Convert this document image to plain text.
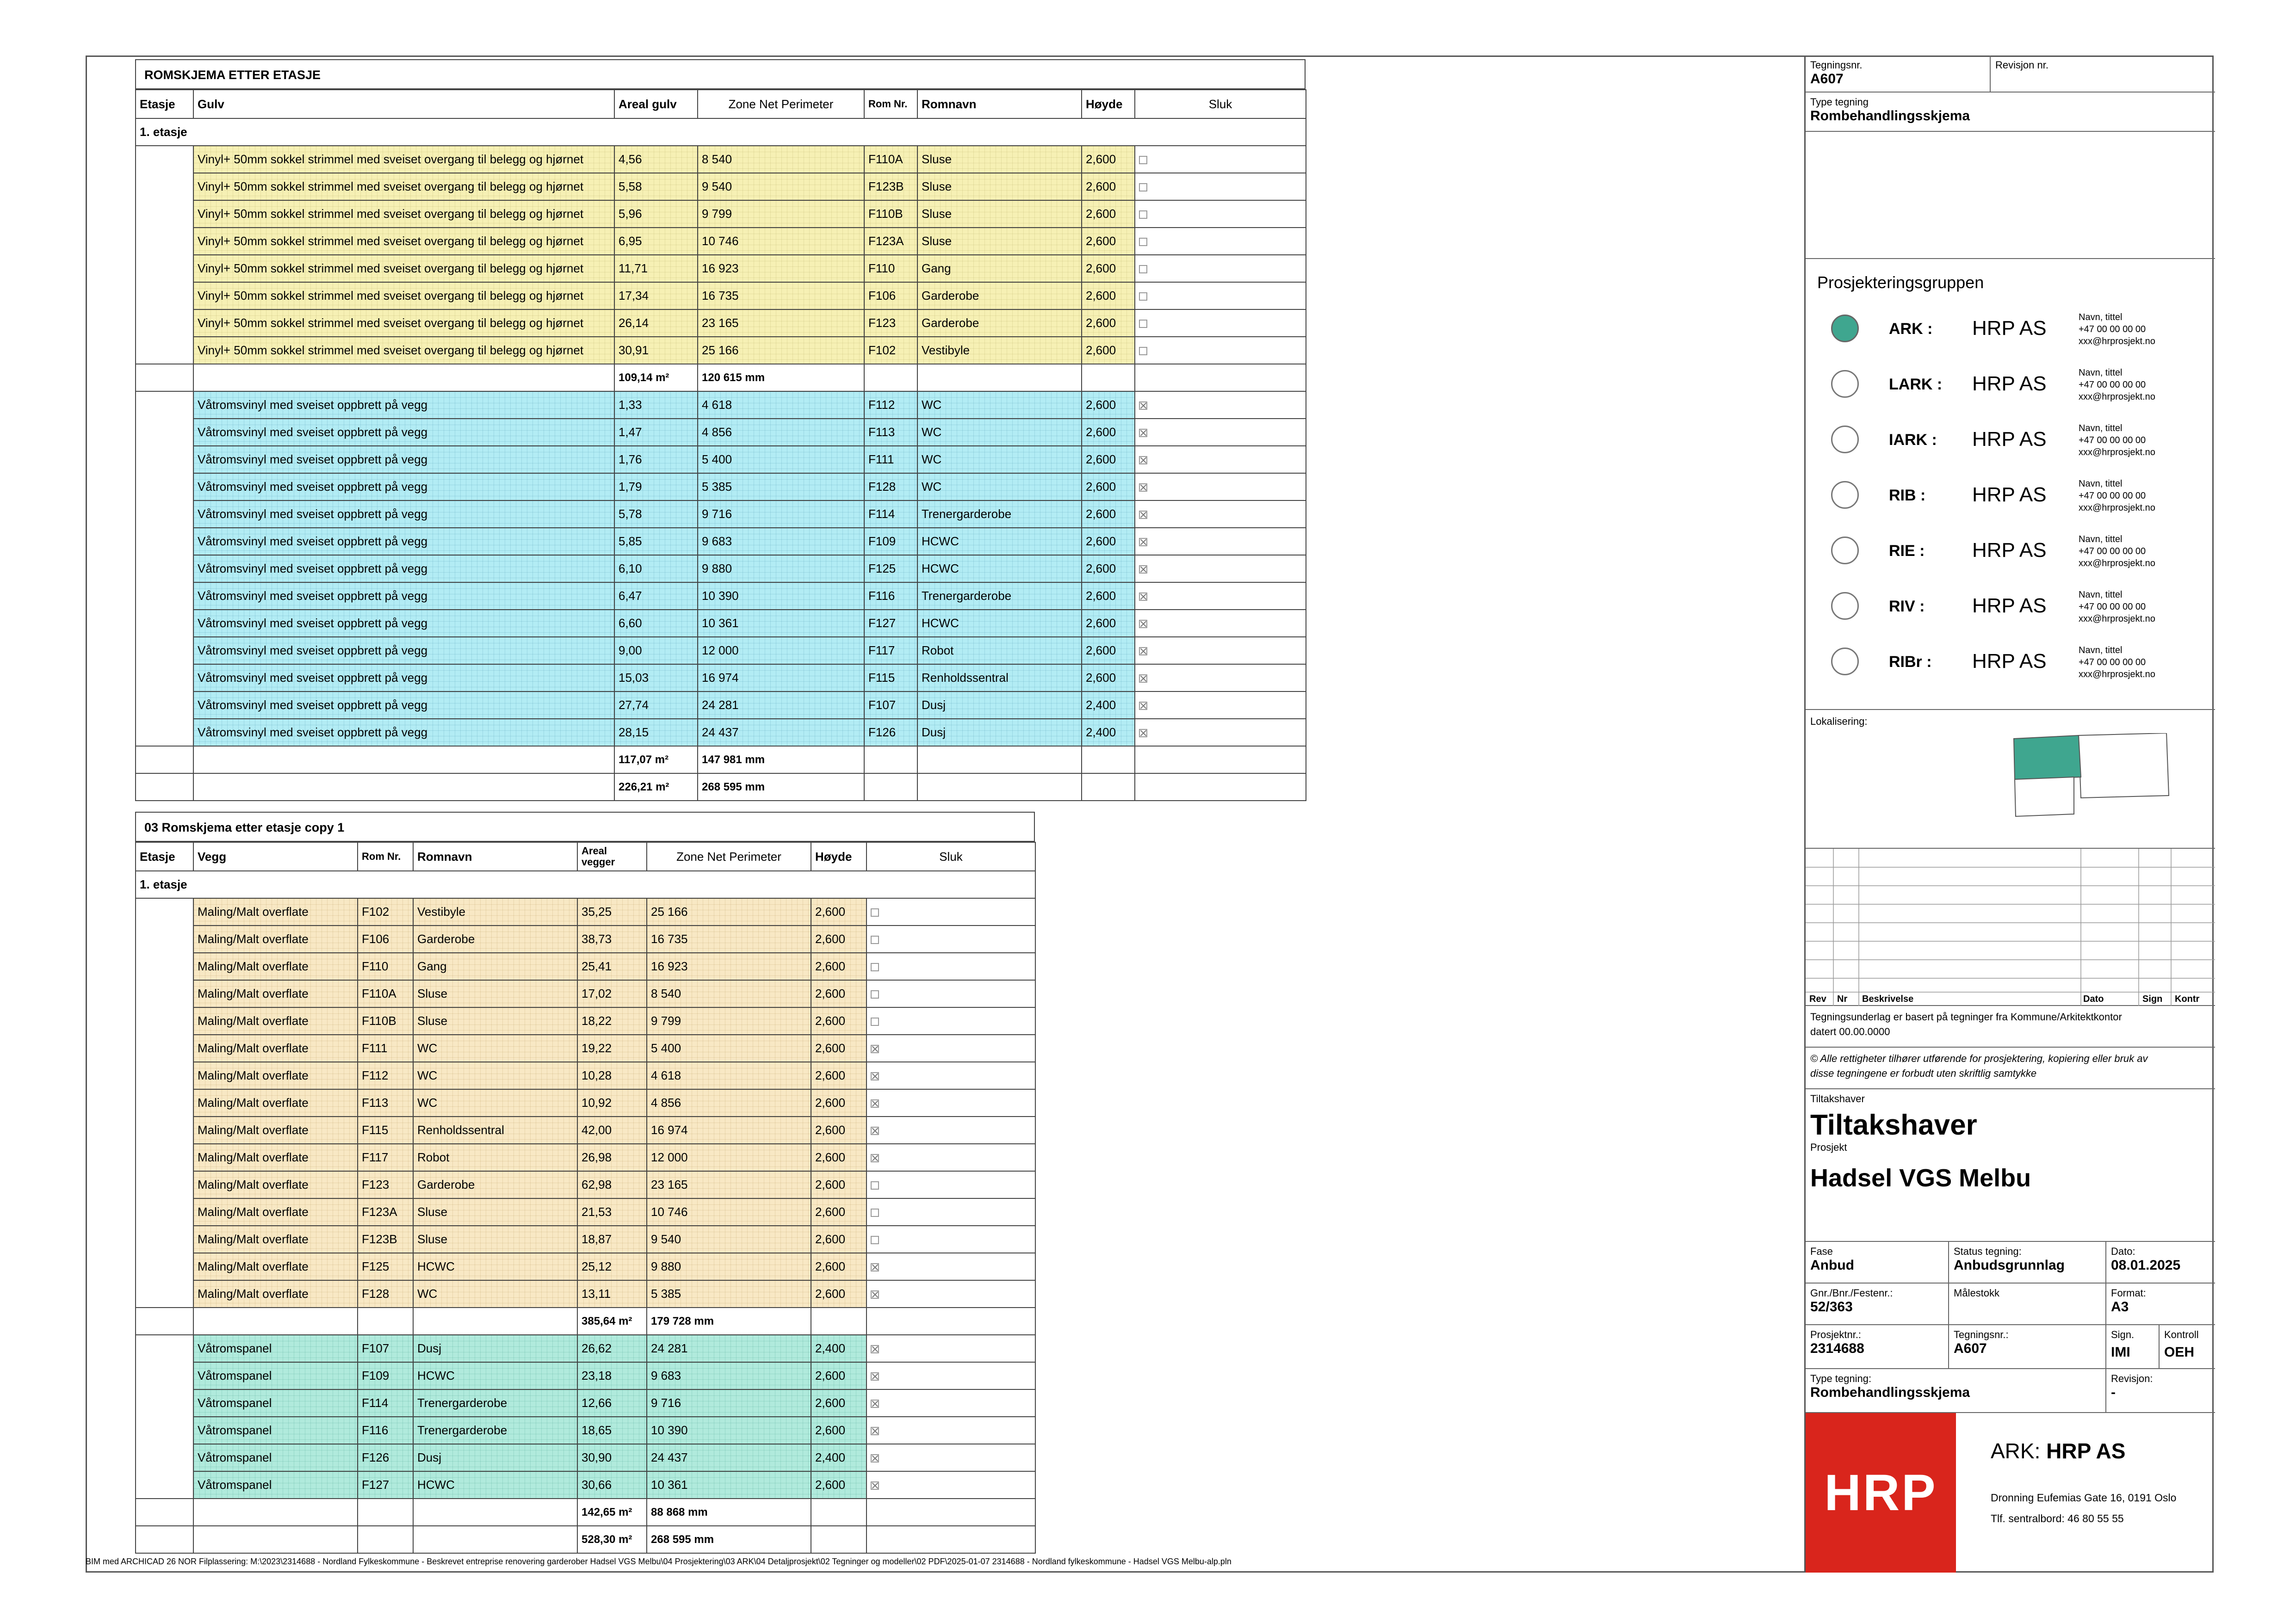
ROMSKJEMA ETTER ETASJE
Etasje	Gulv	Areal gulv	Zone Net Perimeter	Rom Nr.	Romnavn	Høyde	Sluk
1. etasje							
	Vinyl+ 50mm sokkel strimmel med sveiset overgang til belegg og hjørnet	4,56	8 540	F110A	Sluse	2,600	
	Vinyl+ 50mm sokkel strimmel med sveiset overgang til belegg og hjørnet	5,58	9 540	F123B	Sluse	2,600	
	Vinyl+ 50mm sokkel strimmel med sveiset overgang til belegg og hjørnet	5,96	9 799	F110B	Sluse	2,600	
	Vinyl+ 50mm sokkel strimmel med sveiset overgang til belegg og hjørnet	6,95	10 746	F123A	Sluse	2,600	
	Vinyl+ 50mm sokkel strimmel med sveiset overgang til belegg og hjørnet	11,71	16 923	F110	Gang	2,600	
	Vinyl+ 50mm sokkel strimmel med sveiset overgang til belegg og hjørnet	17,34	16 735	F106	Garderobe	2,600	
	Vinyl+ 50mm sokkel strimmel med sveiset overgang til belegg og hjørnet	26,14	23 165	F123	Garderobe	2,600	
	Vinyl+ 50mm sokkel strimmel med sveiset overgang til belegg og hjørnet	30,91	25 166	F102	Vestibyle	2,600	
		109,14 m²	120 615 mm				
	Våtromsvinyl med sveiset oppbrett på vegg	1,33	4 618	F112	WC	2,600	
	Våtromsvinyl med sveiset oppbrett på vegg	1,47	4 856	F113	WC	2,600	
	Våtromsvinyl med sveiset oppbrett på vegg	1,76	5 400	F111	WC	2,600	
	Våtromsvinyl med sveiset oppbrett på vegg	1,79	5 385	F128	WC	2,600	
	Våtromsvinyl med sveiset oppbrett på vegg	5,78	9 716	F114	Trenergarderobe	2,600	
	Våtromsvinyl med sveiset oppbrett på vegg	5,85	9 683	F109	HCWC	2,600	
	Våtromsvinyl med sveiset oppbrett på vegg	6,10	9 880	F125	HCWC	2,600	
	Våtromsvinyl med sveiset oppbrett på vegg	6,47	10 390	F116	Trenergarderobe	2,600	
	Våtromsvinyl med sveiset oppbrett på vegg	6,60	10 361	F127	HCWC	2,600	
	Våtromsvinyl med sveiset oppbrett på vegg	9,00	12 000	F117	Robot	2,600	
	Våtromsvinyl med sveiset oppbrett på vegg	15,03	16 974	F115	Renholdssentral	2,600	
	Våtromsvinyl med sveiset oppbrett på vegg	27,74	24 281	F107	Dusj	2,400	
	Våtromsvinyl med sveiset oppbrett på vegg	28,15	24 437	F126	Dusj	2,400	
		117,07 m²	147 981 mm				
		226,21 m²	268 595 mm				
03 Romskjema etter etasje copy 1
Etasje	Vegg	Rom Nr.	Romnavn	Areal vegger	Zone Net Perimeter	Høyde	Sluk
1. etasje							
	Maling/Malt overflate	F102	Vestibyle	35,25	25 166	2,600	
	Maling/Malt overflate	F106	Garderobe	38,73	16 735	2,600	
	Maling/Malt overflate	F110	Gang	25,41	16 923	2,600	
	Maling/Malt overflate	F110A	Sluse	17,02	8 540	2,600	
	Maling/Malt overflate	F110B	Sluse	18,22	9 799	2,600	
	Maling/Malt overflate	F111	WC	19,22	5 400	2,600	
	Maling/Malt overflate	F112	WC	10,28	4 618	2,600	
	Maling/Malt overflate	F113	WC	10,92	4 856	2,600	
	Maling/Malt overflate	F115	Renholdssentral	42,00	16 974	2,600	
	Maling/Malt overflate	F117	Robot	26,98	12 000	2,600	
	Maling/Malt overflate	F123	Garderobe	62,98	23 165	2,600	
	Maling/Malt overflate	F123A	Sluse	21,53	10 746	2,600	
	Maling/Malt overflate	F123B	Sluse	18,87	9 540	2,600	
	Maling/Malt overflate	F125	HCWC	25,12	9 880	2,600	
	Maling/Malt overflate	F128	WC	13,11	5 385	2,600	
				385,64 m²	179 728 mm		
	Våtromspanel	F107	Dusj	26,62	24 281	2,400	
	Våtromspanel	F109	HCWC	23,18	9 683	2,600	
	Våtromspanel	F114	Trenergarderobe	12,66	9 716	2,600	
	Våtromspanel	F116	Trenergarderobe	18,65	10 390	2,600	
	Våtromspanel	F126	Dusj	30,90	24 437	2,400	
	Våtromspanel	F127	HCWC	30,66	10 361	2,600	
				142,65 m²	88 868 mm		
				528,30 m²	268 595 mm		
BIM med ARCHICAD 26 NOR Filplassering: M:\2023\2314688 - Nordland Fylkeskommune - Beskrevet entreprise renovering garderober Hadsel VGS Melbu\04 Prosjektering\03 ARK\04 Detaljprosjekt\02 Tegninger og modeller\02 PDF\2025-01-07 2314688 - Nordland fylkeskommune - Hadsel VGS Melbu-alp.pln
Tegningsnr.
A607
Revisjon nr.
Type tegning
Rombehandlingsskjema
Prosjekteringsgruppen
ARK : HRP AS	Navn, tittel
+47 00 00 00 00
xxx@hrprosjekt.no
LARK : HRP AS	Navn, tittel
+47 00 00 00 00
xxx@hrprosjekt.no
IARK : HRP AS	Navn, tittel
+47 00 00 00 00
xxx@hrprosjekt.no
RIB : HRP AS	Navn, tittel
+47 00 00 00 00
xxx@hrprosjekt.no
RIE : HRP AS	Navn, tittel
+47 00 00 00 00
xxx@hrprosjekt.no
RIV : HRP AS	Navn, tittel
+47 00 00 00 00
xxx@hrprosjekt.no
RIBr : HRP AS	Navn, tittel
+47 00 00 00 00
xxx@hrprosjekt.no
Lokalisering:
Rev Nr Beskrivelse	Dato	Sign Kontr
Tegningsunderlag er basert på tegninger fra Kommune/Arkitektkontor
datert 00.00.0000
© Alle rettigheter tilhører utførende for prosjektering, kopiering eller bruk av
disse tegningene er forbudt uten skriftlig samtykke
Tiltakshaver
Tiltakshaver
Prosjekt
Hadsel VGS Melbu
Fase
Anbud
Status tegning:
Anbudsgrunnlag
Dato:
08.01.2025
Gnr./Bnr./Festenr.:
52/363
Målestokk	Format:
A3
Prosjektnr.:
2314688
Tegningsnr.:
A607
Sign.
IMI
Kontroll
OEH
Type tegning:
Rombehandlingsskjema
Revisjon:
-
HRP
ARK: HRP AS
Dronning Eufemias Gate 16, 0191 Oslo
Tlf. sentralbord: 46 80 55 55
